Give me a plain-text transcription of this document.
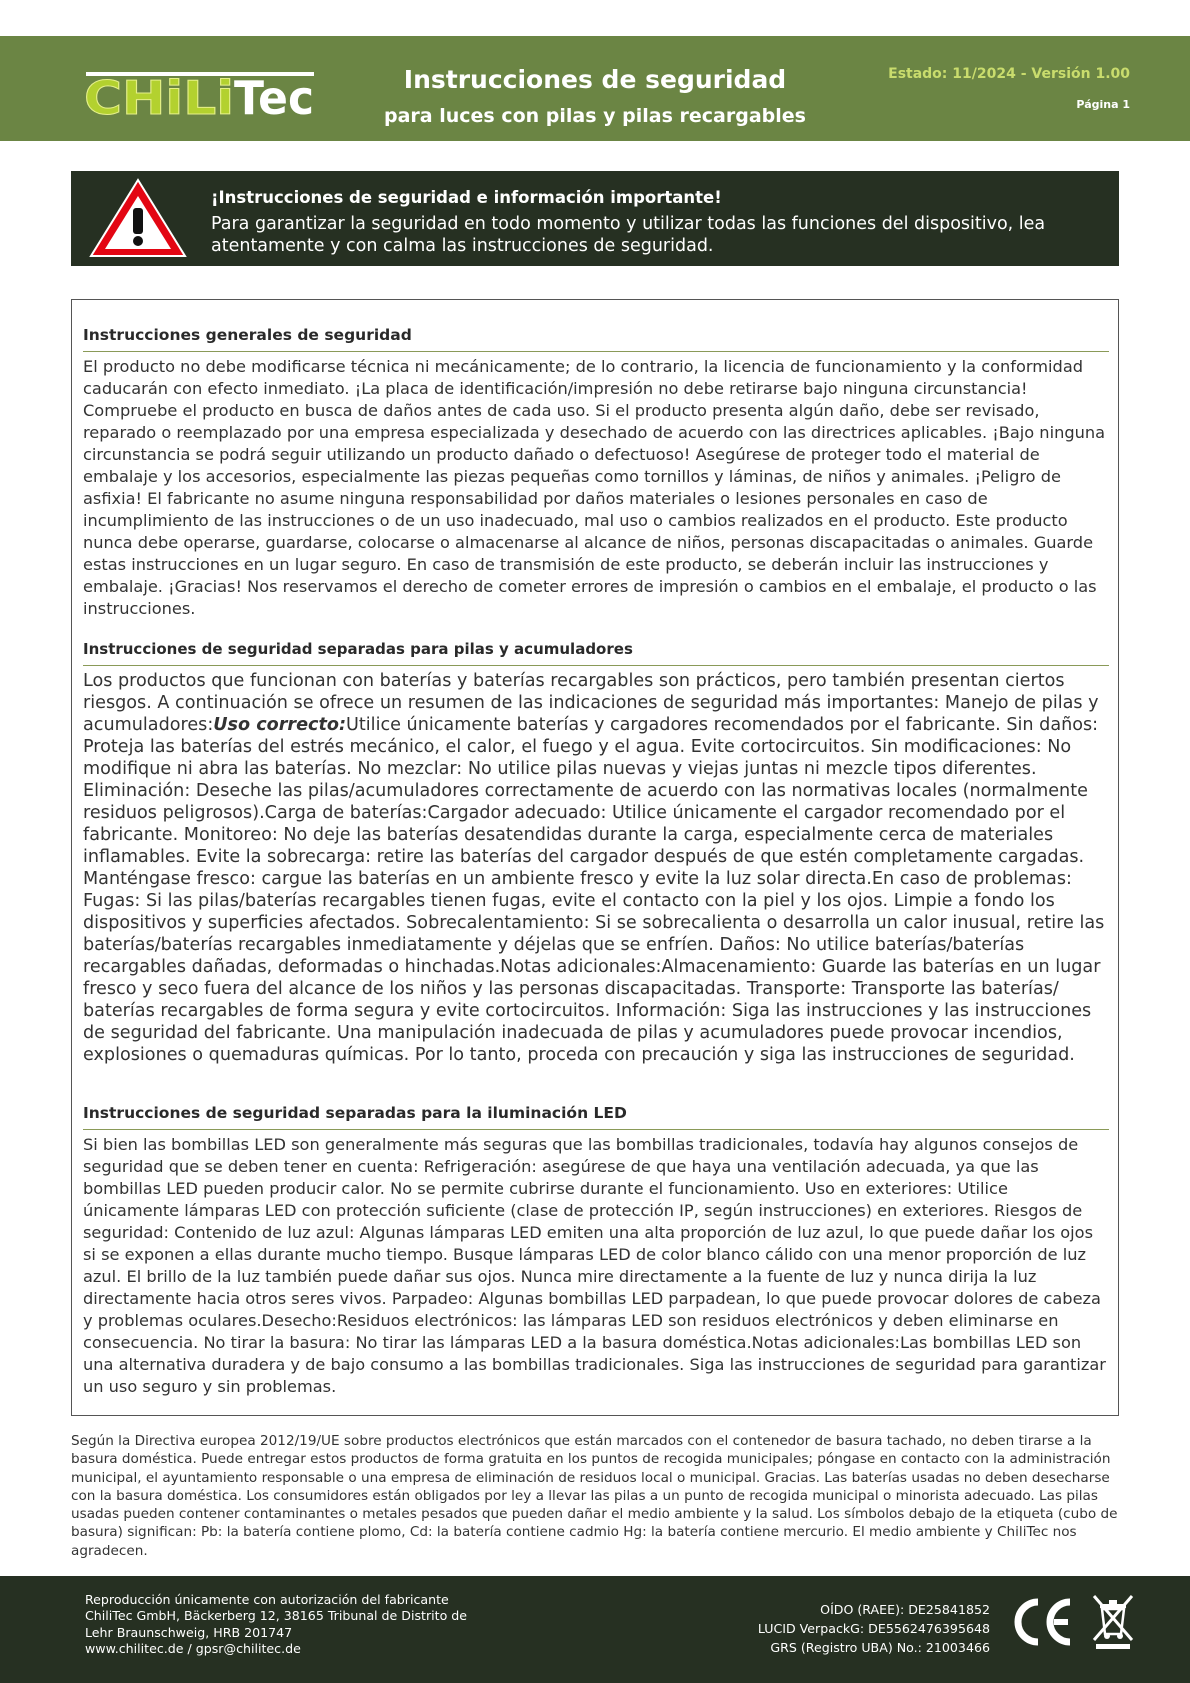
CHiLi Tec	Instrucciones de seguridad
para luces con pilas y pilas recargables
Estado: 11/2024 - Versión 1.00
Página 1
¡Instrucciones de seguridad e información importante!
Para garantizar la seguridad en todo momento y utilizar todas las funciones del dispositivo, lea atentamente y con calma las instrucciones de seguridad.
Instrucciones generales de seguridad
El producto no debe modificarse técnica ni mecánicamente; de lo contrario, la licencia de funcionamiento y la conformidad caducarán con efecto inmediato. ¡La placa de identificación/impresión no debe retirarse bajo ninguna circunstancia! Compruebe el producto en busca de daños antes de cada uso. Si el producto presenta algún daño, debe ser revisado, reparado o reemplazado por una empresa especializada y desechado de acuerdo con las directrices aplicables. ¡Bajo ninguna circunstancia se podrá seguir utilizando un producto dañado o defectuoso! Asegúrese de proteger todo el material de embalaje y los accesorios, especialmente las piezas pequeñas como tornillos y láminas, de niños y animales. ¡Peligro de asfixia! El fabricante no asume ninguna responsabilidad por daños materiales o lesiones personales en caso de incumplimiento de las instrucciones o de un uso inadecuado, mal uso o cambios realizados en el producto. Este producto nunca debe operarse, guardarse, colocarse o almacenarse al alcance de niños, personas discapacitadas o animales. Guarde estas instrucciones en un lugar seguro. En caso de transmisión de este producto, se deberán incluir las instrucciones y embalaje. ¡Gracias! Nos reservamos el derecho de cometer errores de impresión o cambios en el embalaje, el producto o las instrucciones.
Instrucciones de seguridad separadas para pilas y acumuladores
Los productos que funcionan con baterías y baterías recargables son prácticos, pero también presentan ciertos riesgos. A continuación se ofrece un resumen de las indicaciones de seguridad más importantes: Manejo de pilas y acumuladores:Uso correcto:Utilice únicamente baterías y cargadores recomendados por el fabricante. Sin daños: Proteja las baterías del estrés mecánico, el calor, el fuego y el agua. Evite cortocircuitos. Sin modificaciones: No modifique ni abra las baterías. No mezclar: No utilice pilas nuevas y viejas juntas ni mezcle tipos diferentes. Eliminación: Deseche las pilas/acumuladores correctamente de acuerdo con las normativas locales (normalmente residuos peligrosos).Carga de baterías:Cargador adecuado: Utilice únicamente el cargador recomendado por el fabricante. Monitoreo: No deje las baterías desatendidas durante la carga, especialmente cerca de materiales inflamables. Evite la sobrecarga: retire las baterías del cargador después de que estén completamente cargadas. Manténgase fresco: cargue las baterías en un ambiente fresco y evite la luz solar directa.En caso de problemas: Fugas: Si las pilas/baterías recargables tienen fugas, evite el contacto con la piel y los ojos. Limpie a fondo los dispositivos y superficies afectados. Sobrecalentamiento: Si se sobrecalienta o desarrolla un calor inusual, retire las baterías/baterías recargables inmediatamente y déjelas que se enfríen. Daños: No utilice baterías/baterías recargables dañadas, deformadas o hinchadas.Notas adicionales:Almacenamiento: Guarde las baterías en un lugar fresco y seco fuera del alcance de los niños y las personas discapacitadas. Transporte: Transporte las baterías/ baterías recargables de forma segura y evite cortocircuitos. Información: Siga las instrucciones y las instrucciones de seguridad del fabricante. Una manipulación inadecuada de pilas y acumuladores puede provocar incendios, explosiones o quemaduras químicas. Por lo tanto, proceda con precaución y siga las instrucciones de seguridad.
Instrucciones de seguridad separadas para la iluminación LED
Si bien las bombillas LED son generalmente más seguras que las bombillas tradicionales, todavía hay algunos consejos de seguridad que se deben tener en cuenta: Refrigeración: asegúrese de que haya una ventilación adecuada, ya que las bombillas LED pueden producir calor. No se permite cubrirse durante el funcionamiento. Uso en exteriores: Utilice únicamente lámparas LED con protección suficiente (clase de protección IP, según instrucciones) en exteriores. Riesgos de seguridad: Contenido de luz azul: Algunas lámparas LED emiten una alta proporción de luz azul, lo que puede dañar los ojos si se exponen a ellas durante mucho tiempo. Busque lámparas LED de color blanco cálido con una menor proporción de luz azul. El brillo de la luz también puede dañar sus ojos. Nunca mire directamente a la fuente de luz y nunca dirija la luz directamente hacia otros seres vivos. Parpadeo: Algunas bombillas LED parpadean, lo que puede provocar dolores de cabeza y problemas oculares.Desecho:Residuos electrónicos: las lámparas LED son residuos electrónicos y deben eliminarse en consecuencia. No tirar la basura: No tirar las lámparas LED a la basura doméstica.Notas adicionales:Las bombillas LED son una alternativa duradera y de bajo consumo a las bombillas tradicionales. Siga las instrucciones de seguridad para garantizar un uso seguro y sin problemas.
Según la Directiva europea 2012/19/UE sobre productos electrónicos que están marcados con el contenedor de basura tachado, no deben tirarse a la basura doméstica. Puede entregar estos productos de forma gratuita en los puntos de recogida municipales; póngase en contacto con la administración municipal, el ayuntamiento responsable o una empresa de eliminación de residuos local o municipal. Gracias. Las baterías usadas no deben desecharse con la basura doméstica. Los consumidores están obligados por ley a llevar las pilas a un punto de recogida municipal o minorista adecuado. Las pilas usadas pueden contener contaminantes o metales pesados que pueden dañar el medio ambiente y la salud. Los símbolos debajo de la etiqueta (cubo de basura) significan: Pb: la batería contiene plomo, Cd: la batería contiene cadmio Hg: la batería contiene mercurio. El medio ambiente y ChiliTec nos agradecen.
Reproducción únicamente con autorización del fabricante
ChiliTec GmbH, Bäckerberg 12, 38165 Tribunal de Distrito de
Lehr Braunschweig, HRB 201747
www.chilitec.de / gpsr@chilitec.de
OÍDO (RAEE): DE25841852
LUCID VerpackG: DE5562476395648
GRS (Registro UBA) No.: 21003466
